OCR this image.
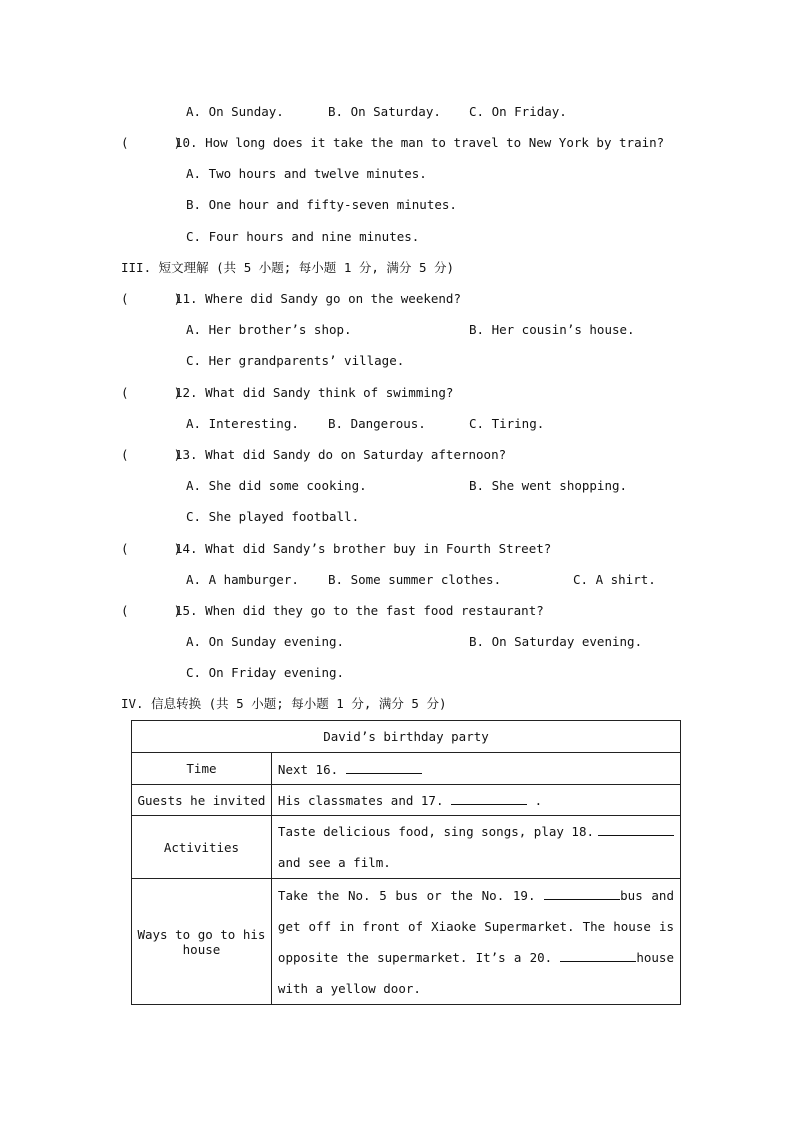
A. On Sunday.	B. On Saturday. C. On Friday.
(      )
10. How long does it take the man to travel to New York by train?
A. Two hours and twelve minutes.
B. One hour and fifty-seven minutes.
C. Four hours and nine minutes.
III. 短文理解 (共 5 小题; 每小题 1 分, 满分 5 分)
(      )
11. Where did Sandy go on the weekend?
A. Her brother’s shop.	B. Her cousin’s house.
C. Her grandparents’ village.
(      )
12. What did Sandy think of swimming?
A. Interesting. B. Dangerous.	C. Tiring.
(      )
13. What did Sandy do on Saturday afternoon?
A. She did some cooking.	B. She went shopping.
C. She played football.
(      )
14. What did Sandy’s brother buy in Fourth Street?
A. A hamburger. B. Some summer clothes.	C. A shirt.
(      )
15. When did they go to the fast food restaurant?
A. On Sunday evening.	B. On Saturday evening.
C. On Friday evening.
IV. 信息转换 (共 5 小题; 每小题 1 分, 满分 5 分)
David’s birthday party	
Time	Next 16.
Guests he invited	His classmates and 17. .
Activities	Taste delicious food, sing songs, play 18.
and see a film.

Ways to go to his house	Take the No. 5 bus or the No. 19. bus and get off in front of Xiaoke Supermarket. The house is opposite the supermarket. It’s a 20. house with a yellow door.
